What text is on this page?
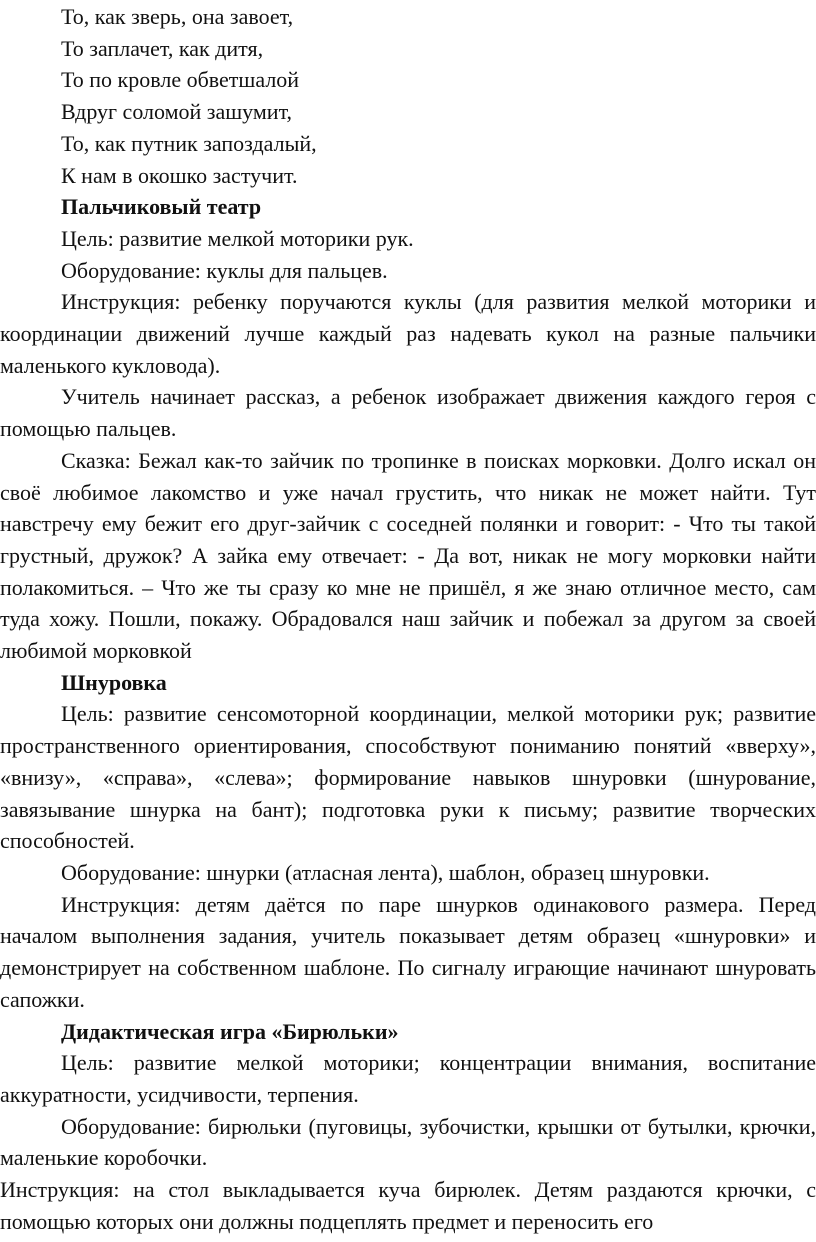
То, как зверь, она завоет,

То заплачет, как дитя,

То по кровле обветшалой

Вдруг соломой зашумит,

То, как путник запоздалый,

К нам в окошко застучит.

Пальчиковый театр

Цель: развитие мелкой моторики рук.

Оборудование: куклы для пальцев.

Инструкция: ребенку поручаются куклы (для развития мелкой моторики и координации движений лучше каждый раз надевать кукол на разные пальчики маленького кукловода).

Учитель начинает рассказ, а ребенок изображает движения каждого героя с помощью пальцев.

Сказка: Бежал как-то зайчик по тропинке в поисках морковки. Долго искал он своё любимое лакомство и уже начал грустить, что никак не может найти. Тут навстречу ему бежит его друг-зайчик с соседней полянки и говорит: - Что ты такой грустный, дружок? А зайка ему отвечает: - Да вот, никак не могу морковки найти полакомиться. – Что же ты сразу ко мне не пришёл, я же знаю отличное место, сам туда хожу. Пошли, покажу. Обрадовался наш зайчик и побежал за другом за своей любимой морковкой

Шнуровка

Цель: развитие сенсомоторной координации, мелкой моторики рук; развитие пространственного ориентирования, способствуют пониманию понятий «вверху», «внизу», «справа», «слева»; формирование навыков шнуровки (шнурование, завязывание шнурка на бант); подготовка руки к письму; развитие творческих способностей.

Оборудование: шнурки (атласная лента), шаблон, образец шнуровки.

Инструкция: детям даётся по паре шнурков одинакового размера. Перед началом выполнения задания, учитель показывает детям образец «шнуровки» и демонстрирует на собственном шаблоне. По сигналу играющие начинают шнуровать сапожки.

Дидактическая игра «Бирюльки»

Цель: развитие мелкой моторики; концентрации внимания, воспитание аккуратности, усидчивости, терпения.

Оборудование: бирюльки (пуговицы, зубочистки, крышки от бутылки, крючки, маленькие коробочки.

Инструкция: на стол выкладывается куча бирюлек. Детям раздаются крючки, с помощью которых они должны подцеплять предмет и переносить его
